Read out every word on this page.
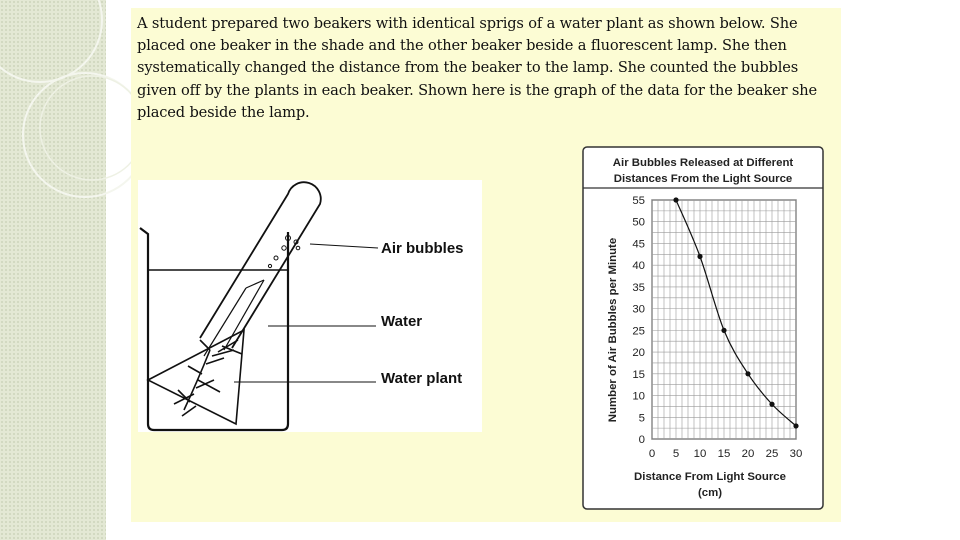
A student prepared two beakers with identical sprigs of a water plant as shown below. She placed one beaker in the shade and the other beaker beside a fluorescent lamp. She then systematically changed the distance from the beaker to the lamp. She counted the bubbles given off by the plants in each beaker. Shown here is the graph of the data for the beaker she placed beside the lamp.

Air bubbles
Water
Water plant
Air Bubbles Released at Different
Distances From the Light Source
Number of Air Bubbles per Minute
Distance From Light Source
(cm)
0
5
10
15
20
25
30
35
40
45
50
55
0 5 10 15 20 25 30
